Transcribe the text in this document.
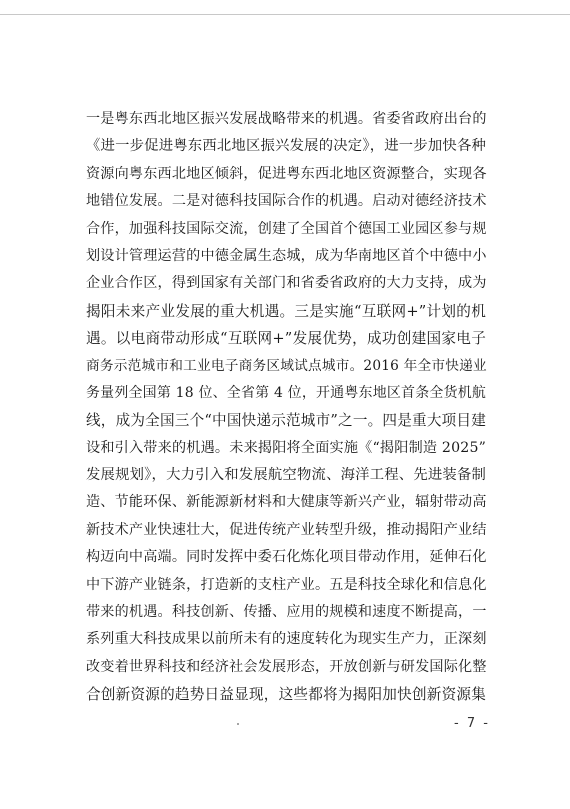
一是粤东西北地区振兴发展战略带来的机遇。省委省政府出台的
《进一步促进粤东西北地区振兴发展的决定》，进一步加快各种
资源向粤东西北地区倾斜，促进粤东西北地区资源整合，实现各
地错位发展。二是对德科技国际合作的机遇。启动对德经济技术
合作，加强科技国际交流，创建了全国首个德国工业园区参与规
划设计管理运营的中德金属生态城，成为华南地区首个中德中小
企业合作区，得到国家有关部门和省委省政府的大力支持，成为
揭阳未来产业发展的重大机遇。三是实施“互联网+”计划的机
遇。以电商带动形成“互联网+”发展优势，成功创建国家电子
商务示范城市和工业电子商务区域试点城市。2016 年全市快递业
务量列全国第 18 位、全省第 4 位，开通粤东地区首条全货机航
线，成为全国三个“中国快递示范城市”之一。四是重大项目建
设和引入带来的机遇。未来揭阳将全面实施《“揭阳制造 2025”
发展规划》，大力引入和发展航空物流、海洋工程、先进装备制
造、节能环保、新能源新材料和大健康等新兴产业，辐射带动高
新技术产业快速壮大，促进传统产业转型升级，推动揭阳产业结
构迈向中高端。同时发挥中委石化炼化项目带动作用，延伸石化
中下游产业链条，打造新的支柱产业。五是科技全球化和信息化
带来的机遇。科技创新、传播、应用的规模和速度不断提高，一
系列重大科技成果以前所未有的速度转化为现实生产力，正深刻
改变着世界科技和经济社会发展形态，开放创新与研发国际化整
合创新资源的趋势日益显现，这些都将为揭阳加快创新资源集
- 7 -
